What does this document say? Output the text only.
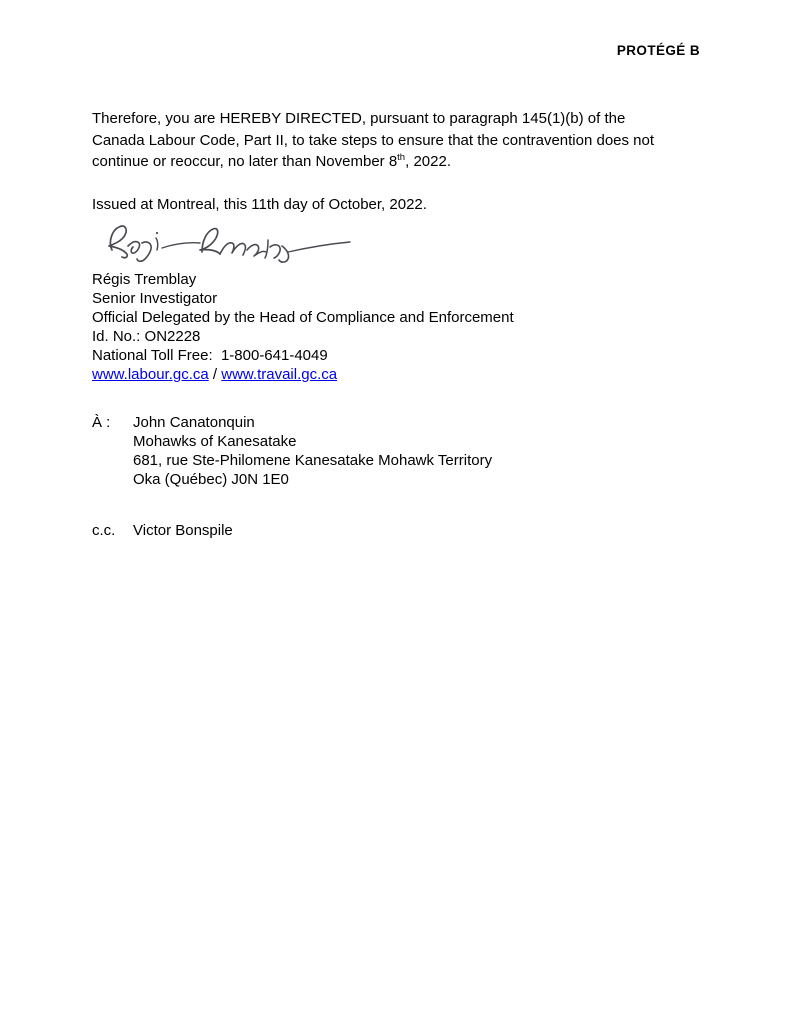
PROTÉGÉ B

Therefore, you are HEREBY DIRECTED, pursuant to paragraph 145(1)(b) of the Canada Labour Code, Part II, to take steps to ensure that the contravention does not continue or reoccur, no later than November 8th, 2022.

Issued at Montreal, this 11th day of October, 2022.

Régis Tremblay
Senior Investigator
Official Delegated by the Head of Compliance and Enforcement
Id. No.: ON2228
National Toll Free:  1-800-641-4049
www.labour.gc.ca / www.travail.gc.ca
À :	John Canatonquin
Mohawks of Kanesatake
681, rue Ste-Philomene Kanesatake Mohawk Territory
Oka (Québec) J0N 1E0
c.c.	Victor Bonspile
